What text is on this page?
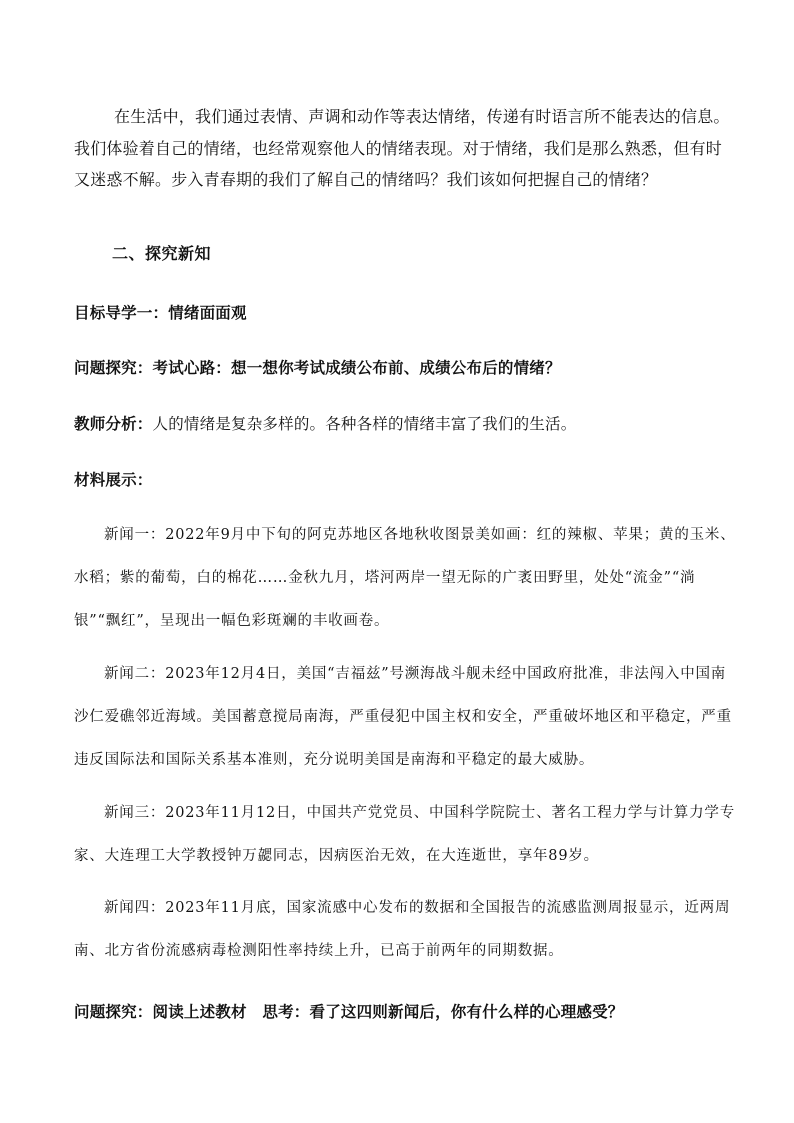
在生活中，我们通过表情、声调和动作等表达情绪，传递有时语言所不能表达的信息。我们体验着自己的情绪，也经常观察他人的情绪表现。对于情绪，我们是那么熟悉，但有时又迷惑不解。步入青春期的我们了解自己的情绪吗？我们该如何把握自己的情绪？

二、探究新知

目标导学一：情绪面面观

问题探究：考试心路：想一想你考试成绩公布前、成绩公布后的情绪？

教师分析：人的情绪是复杂多样的。各种各样的情绪丰富了我们的生活。

材料展示：

新闻一：2022年9月中下旬的阿克苏地区各地秋收图景美如画：红的辣椒、苹果；黄的玉米、水稻；紫的葡萄，白的棉花……金秋九月，塔河两岸一望无际的广袤田野里，处处“流金”“淌银”“飘红”，呈现出一幅色彩斑斓的丰收画卷。

新闻二：2023年12月4日，美国“吉福兹”号濒海战斗舰未经中国政府批准，非法闯入中国南沙仁爱礁邻近海域。美国蓄意搅局南海，严重侵犯中国主权和安全，严重破坏地区和平稳定，严重违反国际法和国际关系基本准则，充分说明美国是南海和平稳定的最大威胁。

新闻三：2023年11月12日，中国共产党党员、中国科学院院士、著名工程力学与计算力学专家、大连理工大学教授钟万勰同志，因病医治无效，在大连逝世，享年89岁。

新闻四：2023年11月底，国家流感中心发布的数据和全国报告的流感监测周报显示，近两周南、北方省份流感病毒检测阳性率持续上升，已高于前两年的同期数据。

问题探究：阅读上述教材　思考：看了这四则新闻后，你有什么样的心理感受？
